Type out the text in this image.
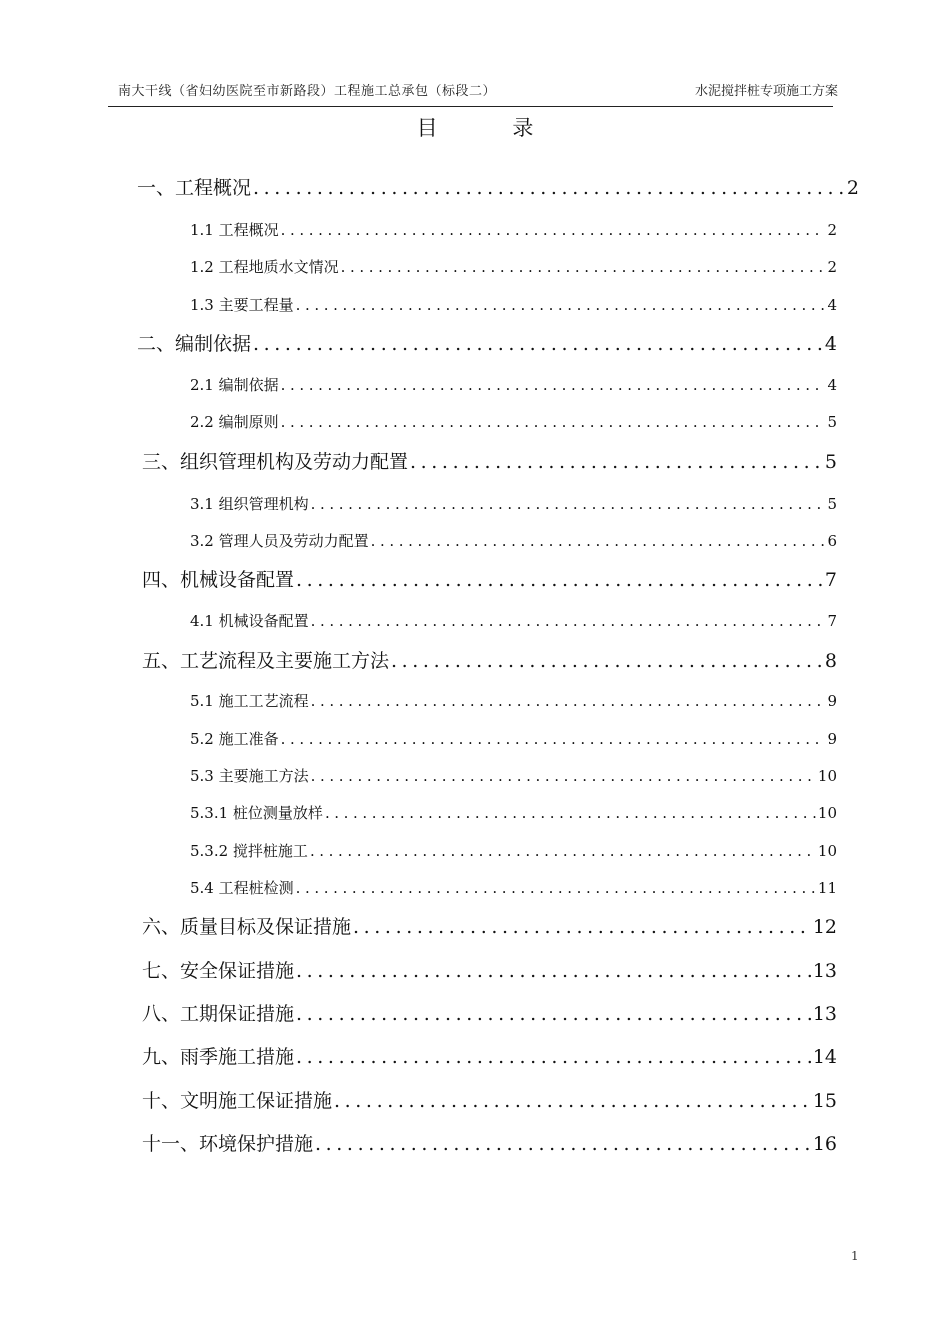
南大干线（省妇幼医院至市新路段）工程施工总承包（标段二）	水泥搅拌桩专项施工方案
目 录
一、工程概况 .....	2
1.1 工程概况 .....	2
1.2 工程地质水文情况 .....	2
1.3 主要工程量 .....	4
二、编制依据 .....	4
2.1 编制依据 .....	4
2.2 编制原则 .....	5
三、组织管理机构及劳动力配置 .....	5
3.1 组织管理机构 .....	5
3.2 管理人员及劳动力配置 .....	6
四、机械设备配置 .....	7
4.1 机械设备配置 .....	7
五、工艺流程及主要施工方法 .....	8
5.1 施工工艺流程 .....	9
5.2 施工准备 .....	9
5.3 主要施工方法 .....	10
5.3.1 桩位测量放样 .....	10
5.3.2 搅拌桩施工 .....	10
5.4 工程桩检测 .....	11
六、质量目标及保证措施 .....	12
七、安全保证措施 .....	13
八、工期保证措施 .....	13
九、雨季施工措施 .....	14
十、文明施工保证措施 .....	15
十一、环境保护措施 .....	16
1
